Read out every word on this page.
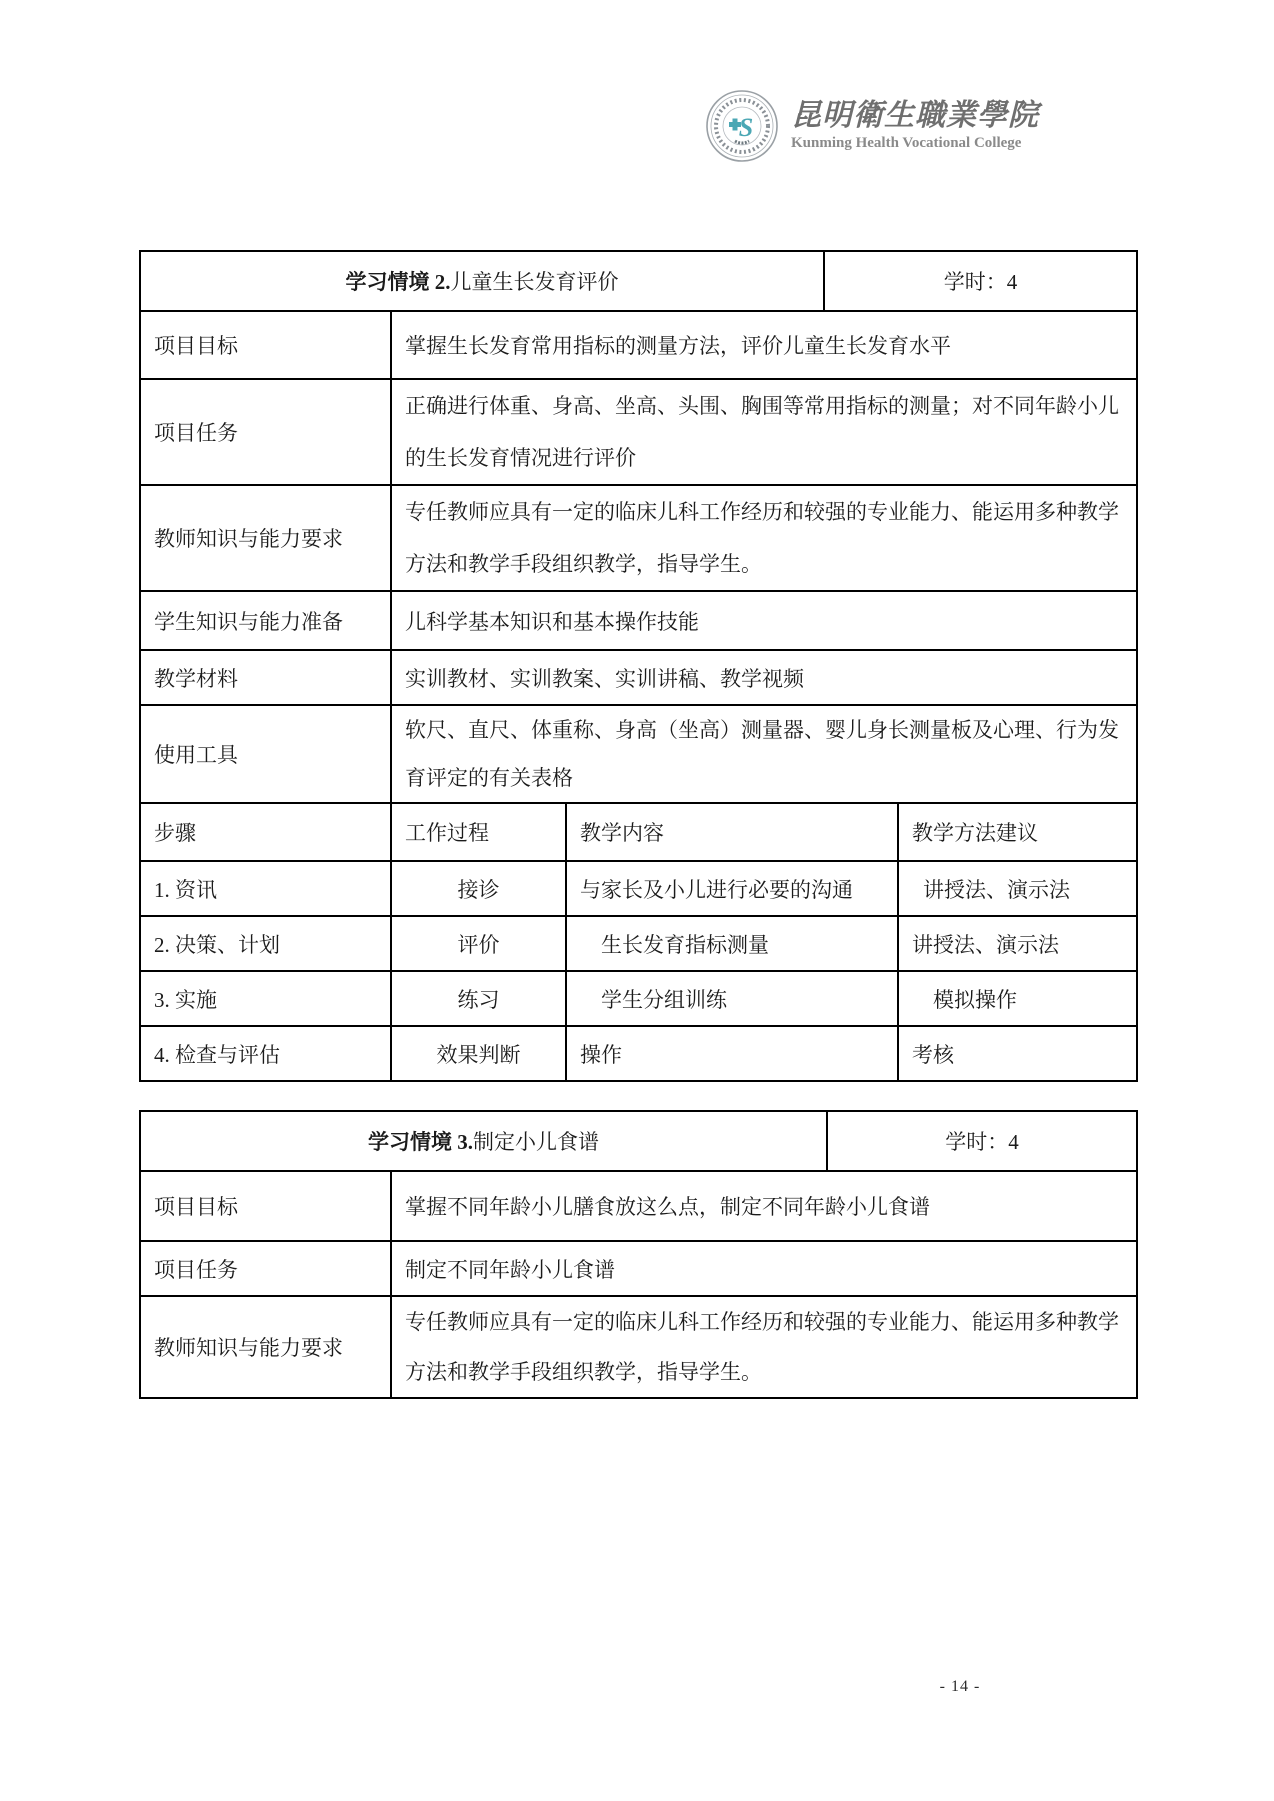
S 昆明衛生職業學院
Kunming Health Vocational College
学习情境 2.儿童生长发育评价			学时：4	
项目目标	掌握生长发育常用指标的测量方法，评价儿童生长发育水平			
项目任务	正确进行体重、身高、坐高、头围、胸围等常用指标的测量；对不同年龄小儿的生长发育情况进行评价			
教师知识与能力要求	专任教师应具有一定的临床儿科工作经历和较强的专业能力、能运用多种教学方法和教学手段组织教学，指导学生。			
学生知识与能力准备	儿科学基本知识和基本操作技能			
教学材料	实训教材、实训教案、实训讲稿、教学视频			
使用工具	软尺、直尺、体重称、身高（坐高）测量器、婴儿身长测量板及心理、行为发育评定的有关表格			
步骤	工作过程	教学内容		教学方法建议
1. 资讯	接诊	与家长及小儿进行必要的沟通		讲授法、演示法
2. 决策、计划	评价	生长发育指标测量		讲授法、演示法
3. 实施	练习	学生分组训练		模拟操作
4. 检查与评估	效果判断	操作		考核
学习情境 3.制定小儿食谱		学时：4
项目目标	掌握不同年龄小儿膳食放这么点，制定不同年龄小儿食谱	
项目任务	制定不同年龄小儿食谱	
教师知识与能力要求	专任教师应具有一定的临床儿科工作经历和较强的专业能力、能运用多种教学方法和教学手段组织教学，指导学生。	
- 14 -
